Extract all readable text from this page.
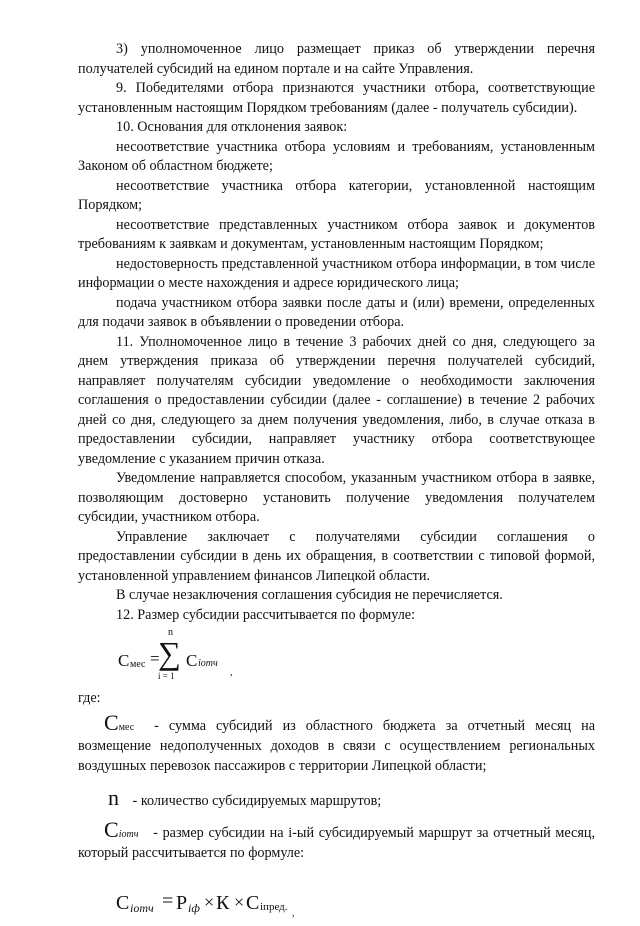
3) уполномоченное лицо размещает приказ об утверждении перечня получателей субсидий на едином портале и на сайте Управления.

9. Победителями отбора признаются участники отбора, соответствующие установленным настоящим Порядком требованиям (далее - получатель субсидии).

10. Основания для отклонения заявок:

несоответствие участника отбора условиям и требованиям, установленным Законом об областном бюджете;

несоответствие участника отбора категории, установленной настоящим Порядком;

несоответствие представленных участником отбора заявок и документов требованиям к заявкам и документам, установленным настоящим Порядком;

недостоверность представленной участником отбора информации, в том числе информации о месте нахождения и адресе юридического лица;

подача участником отбора заявки после даты и (или) времени, определенных для подачи заявок в объявлении о проведении отбора.

11. Уполномоченное лицо в течение 3 рабочих дней со дня, следующего за днем утверждения приказа об утверждении перечня получателей субсидий, направляет получателям субсидии уведомление о необходимости заключения соглашения о предоставлении субсидии (далее - соглашение) в течение 2 рабочих дней со дня, следующего за днем получения уведомления, либо, в случае отказа в предоставлении субсидии, направляет участнику отбора соответствующее уведомление с указанием причин отказа.

Уведомление направляется способом, указанным участником отбора в заявке, позволяющим достоверно установить получение уведомления получателем субсидии, участником отбора.

Управление заключает с получателями субсидии соглашения о предоставлении субсидии в день их обращения, в соответствии с типовой формой, установленной управлением финансов Липецкой области.

В случае незаключения соглашения субсидия не перечисляется.

12. Размер субсидии рассчитывается по формуле:

С мес =
n
∑
i = 1
С iотч
,

где:

Смес - сумма субсидий из областного бюджета за отчетный месяц на возмещение недополученных доходов в связи с осуществлением региональных воздушных перевозок пассажиров с территории Липецкой области;

n - количество субсидируемых маршрутов;

Сiотч - размер субсидии на i-ый субсидируемый маршрут за отчетный месяц, который рассчитывается по формуле:

С iотч = Р iф × К × С iпред.
,
